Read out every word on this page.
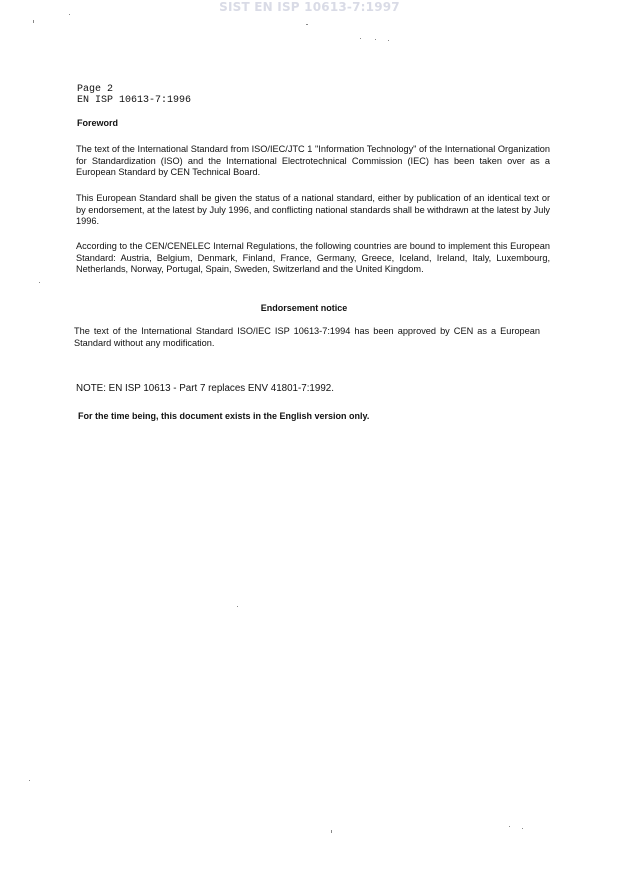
SIST EN ISP 10613-7:1997
Page 2
EN ISP 10613-7:1996
Foreword
The text of the International Standard from ISO/IEC/JTC 1 "Information Technology" of the International Organization for Standardization (ISO) and the International Electrotechnical Commission (IEC) has been taken over as a European Standard by CEN Technical Board.
This European Standard shall be given the status of a national standard, either by publication of an identical text or by endorsement, at the latest by July 1996, and conflicting national standards shall be withdrawn at the latest by July 1996.
According to the CEN/CENELEC Internal Regulations, the following countries are bound to implement this European Standard: Austria, Belgium, Denmark, Finland, France, Germany, Greece, Iceland, Ireland, Italy, Luxembourg, Netherlands, Norway, Portugal, Spain, Sweden, Switzerland and the United Kingdom.
Endorsement notice
The text of the International Standard ISO/IEC ISP 10613-7:1994 has been approved by CEN as a European Standard without any modification.
NOTE: EN ISP 10613 - Part 7 replaces ENV 41801-7:1992.
For the time being, this document exists in the English version only.
